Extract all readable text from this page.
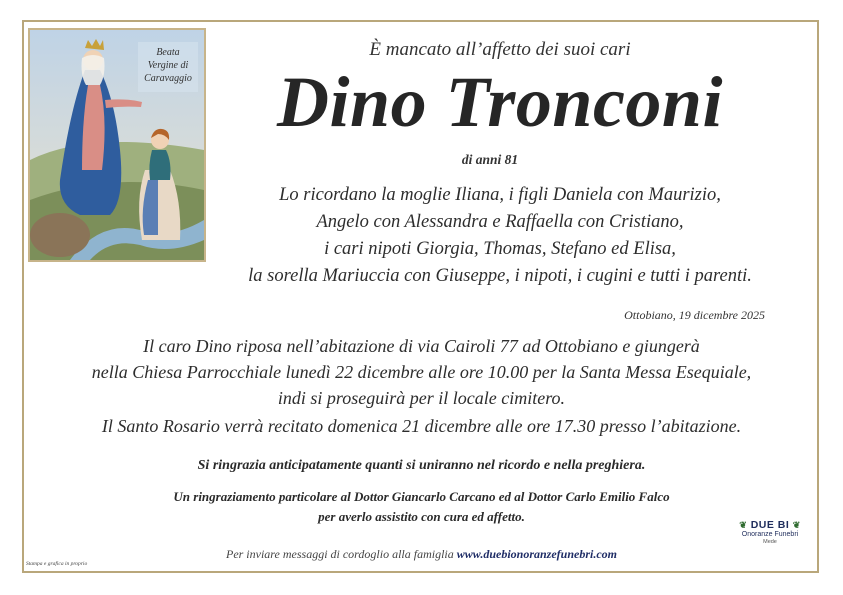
Beata
Vergine di
Caravaggio
È mancato all’affetto dei suoi cari
Dino Tronconi
di anni 81
Lo ricordano la moglie Iliana, i figli Daniela con Maurizio,
Angelo con Alessandra e Raffaella con Cristiano,
i cari nipoti Giorgia, Thomas, Stefano ed Elisa,
la sorella Mariuccia con Giuseppe, i nipoti, i cugini e tutti i parenti.
Ottobiano, 19 dicembre 2025
Il caro Dino riposa nell’abitazione di via Cairoli 77 ad Ottobiano e giungerà
nella Chiesa Parrocchiale lunedì 22 dicembre alle ore 10.00 per la Santa Messa Esequiale,
indi si proseguirà per il locale cimitero.
Il Santo Rosario verrà recitato domenica 21 dicembre alle ore 17.30 presso l’abitazione.
Si ringrazia anticipatamente quanti si uniranno nel ricordo e nella preghiera.
Un ringraziamento particolare al Dottor Giancarlo Carcano ed al Dottor Carlo Emilio Falco
per averlo assistito con cura ed affetto.
Per inviare messaggi di cordoglio alla famiglia www.duebionoranzefunebri.com
Stampa e grafica in proprio
❦ DUE BI ❦
Onoranze Funebri
Mede
